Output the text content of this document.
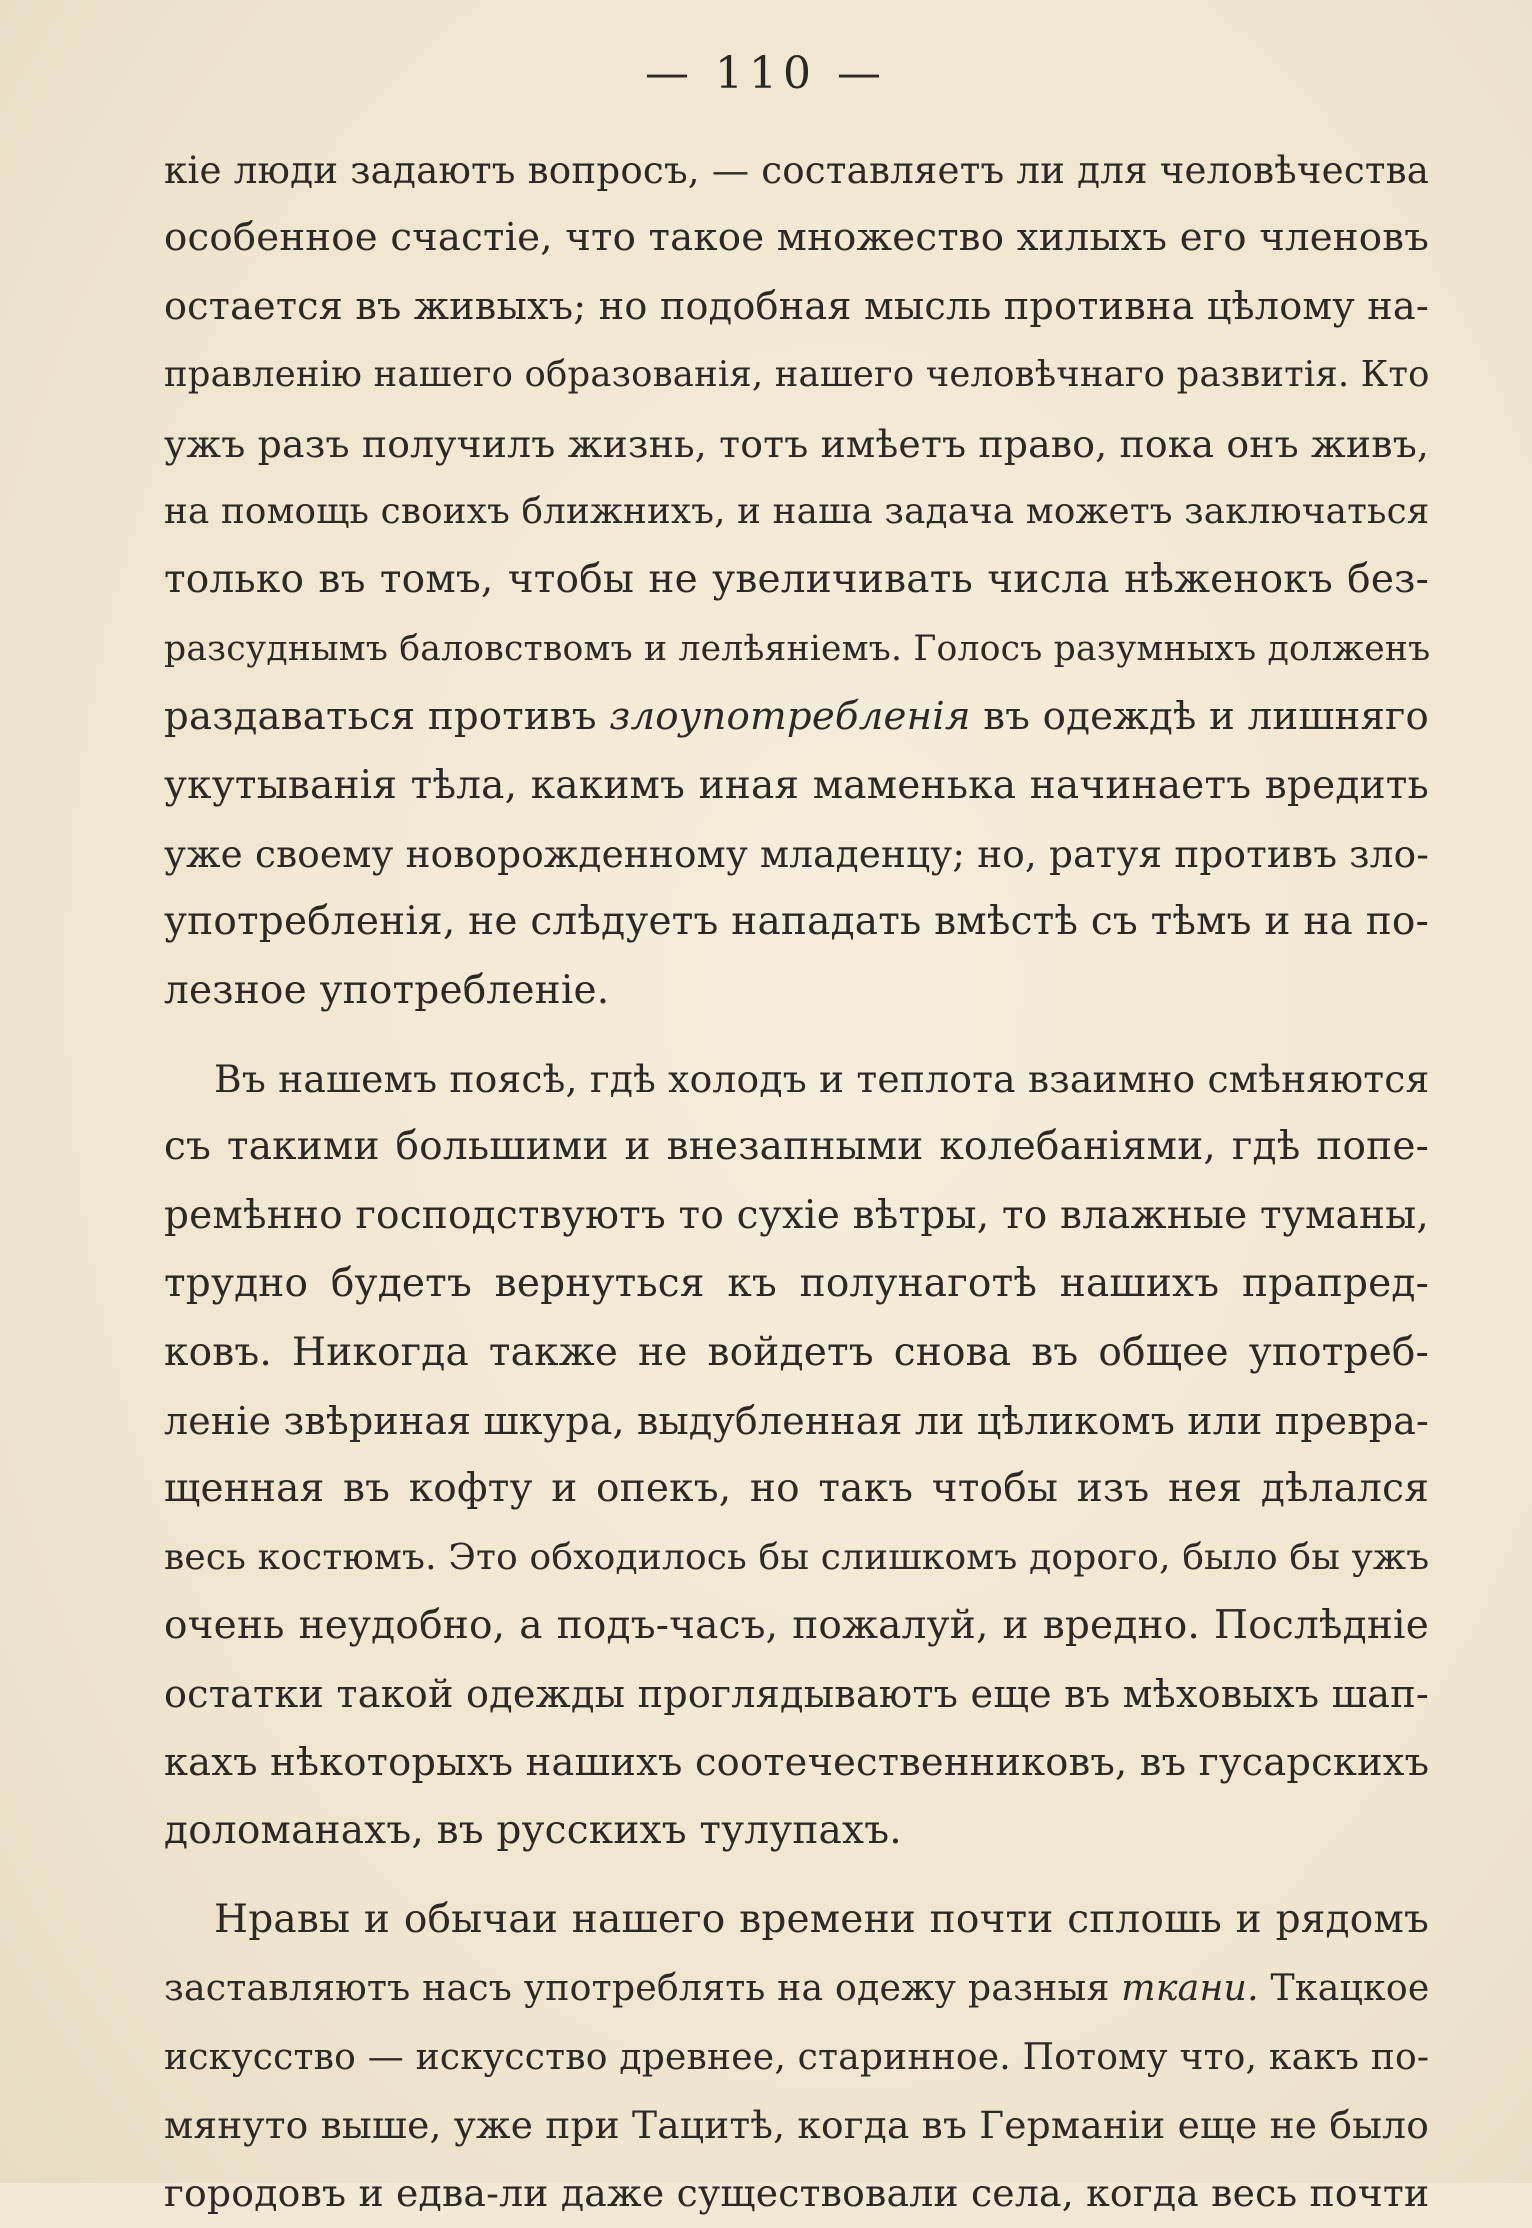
— 110 —
кіе люди задаютъ вопросъ, — составляетъ ли для человѣчества
особенное счастіе, что такое множество хилыхъ его членовъ
остается въ живыхъ; но подобная мысль противна цѣлому на-
правленію нашего образованія, нашего человѣчнаго развитія. Кто
ужъ разъ получилъ жизнь, тотъ имѣетъ право, пока онъ живъ,
на помощь своихъ ближнихъ, и наша задача можетъ заключаться
только въ томъ, чтобы не увеличивать числа нѣженокъ без-
разсуднымъ баловствомъ и лелѣяніемъ. Голосъ разумныхъ долженъ
раздаваться противъ злоупотребленія въ одеждѣ и лишняго
укутыванія тѣла, какимъ иная маменька начинаетъ вредить
уже своему новорожденному младенцу; но, ратуя противъ зло-
употребленія, не слѣдуетъ нападать вмѣстѣ съ тѣмъ и на по-
лезное употребленіе.
Въ нашемъ поясѣ, гдѣ холодъ и теплота взаимно смѣняются
съ такими большими и внезапными колебаніями, гдѣ попе-
ремѣнно господствуютъ то сухіе вѣтры, то влажные туманы,
трудно будетъ вернуться къ полунаготѣ нашихъ прапред-
ковъ. Никогда также не войдетъ снова въ общее употреб-
леніе звѣриная шкура, выдубленная ли цѣликомъ или превра-
щенная въ кофту и опекъ, но такъ чтобы изъ нея дѣлался
весь костюмъ. Это обходилось бы слишкомъ дорого, было бы ужъ
очень неудобно, а подъ-часъ, пожалуй, и вредно. Послѣдніе
остатки такой одежды проглядываютъ еще въ мѣховыхъ шап-
кахъ нѣкоторыхъ нашихъ соотечественниковъ, въ гусарскихъ
доломанахъ, въ русскихъ тулупахъ.
Нравы и обычаи нашего времени почти сплошь и рядомъ
заставляютъ насъ употреблять на одежу разныя ткани. Ткацкое
искусство — искусство древнее, старинное. Потому что, какъ по-
мянуто выше, уже при Тацитѣ, когда въ Германіи еще не было
городовъ и едва-ли даже существовали села, когда весь почти
